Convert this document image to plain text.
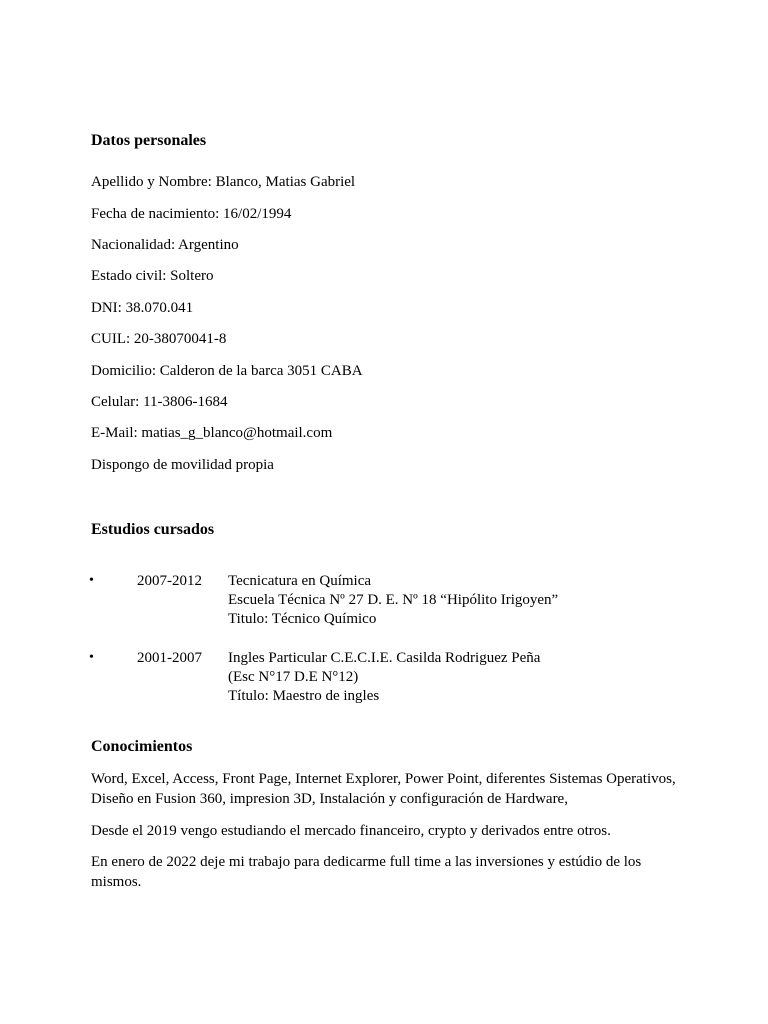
Datos personales
Apellido y Nombre: Blanco, Matias Gabriel
Fecha de nacimiento: 16/02/1994
Nacionalidad: Argentino
Estado civil: Soltero
DNI: 38.070.041
CUIL: 20-38070041-8
Domicilio: Calderon de la barca 3051 CABA
Celular: 11-3806-1684
E-Mail: matias_g_blanco@hotmail.com
Dispongo de movilidad propia
Estudios cursados
•	2007-2012 Tecnicatura en Química
Escuela Técnica Nº 27 D. E. Nº 18 “Hipólito Irigoyen”
Titulo: Técnico Químico
•	2001-2007 Ingles Particular C.E.C.I.E. Casilda Rodriguez Peña
(Esc N°17 D.E N°12)
Título: Maestro de ingles
Conocimientos
Word, Excel, Access, Front Page, Internet Explorer, Power Point, diferentes Sistemas Operativos, Diseño en Fusion 360, impresion 3D, Instalación y configuración de Hardware,
Desde el 2019 vengo estudiando el mercado financeiro, crypto y derivados entre otros.
En enero de 2022 deje mi trabajo para dedicarme full time a las inversiones y estúdio de los mismos.
